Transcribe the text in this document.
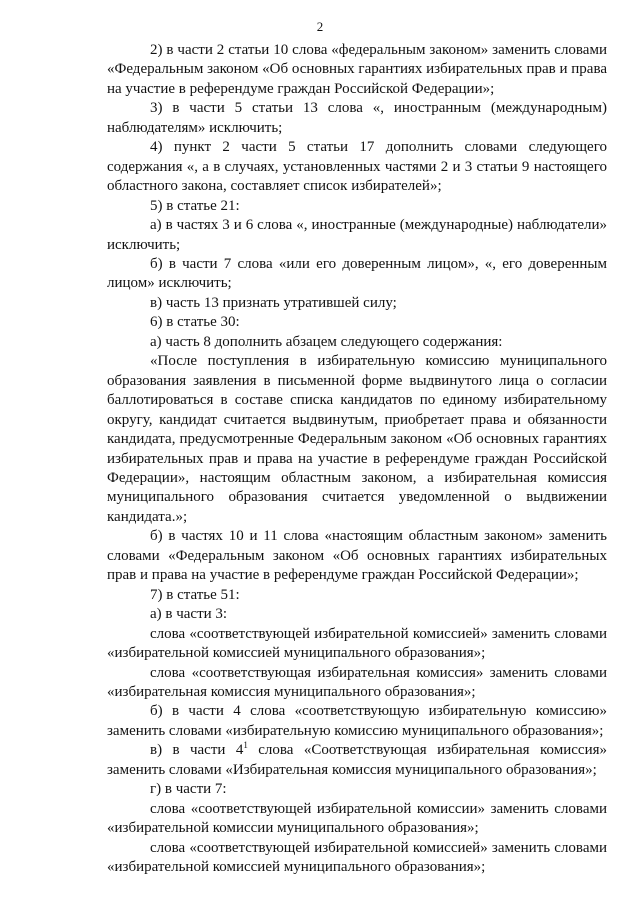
2

2) в части 2 статьи 10 слова «федеральным законом» заменить словами «Федеральным законом «Об основных гарантиях избирательных прав и права на участие в референдуме граждан Российской Федерации»;

3) в части 5 статьи 13 слова «, иностранным (международным) наблюдателям» исключить;

4) пункт 2 части 5 статьи 17 дополнить словами следующего содержания «, а в случаях, установленных частями 2 и 3 статьи 9 настоящего областного закона, составляет список избирателей»;

5) в статье 21:

а) в частях 3 и 6 слова «, иностранные (международные) наблюдатели» исключить;

б) в части 7 слова «или его доверенным лицом», «, его доверенным лицом» исключить;

в) часть 13 признать утратившей силу;

6) в статье 30:

а) часть 8 дополнить абзацем следующего содержания:

«После поступления в избирательную комиссию муниципального образования заявления в письменной форме выдвинутого лица о согласии баллотироваться в составе списка кандидатов по единому избирательному округу, кандидат считается выдвинутым, приобретает права и обязанности кандидата, предусмотренные Федеральным законом «Об основных гарантиях избирательных прав и права на участие в референдуме граждан Российской Федерации», настоящим областным законом, а избирательная комиссия муниципального образования считается уведомленной о выдвижении кандидата.»;

б) в частях 10 и 11 слова «настоящим областным законом» заменить словами «Федеральным законом «Об основных гарантиях избирательных прав и права на участие в референдуме граждан Российской Федерации»;

7) в статье 51:

а) в части 3:

слова «соответствующей избирательной комиссией» заменить словами «избирательной комиссией муниципального образования»;

слова «соответствующая избирательная комиссия» заменить словами «избирательная комиссия муниципального образования»;

б) в части 4 слова «соответствующую избирательную комиссию» заменить словами «избирательную комиссию муниципального образования»;

в) в части $4^1$ слова «Соответствующая избирательная комиссия» заменить словами «Избирательная комиссия муниципального образования»;

г) в части 7:

слова «соответствующей избирательной комиссии» заменить словами «избирательной комиссии муниципального образования»;

слова «соответствующей избирательной комиссией» заменить словами «избирательной комиссией муниципального образования»;
